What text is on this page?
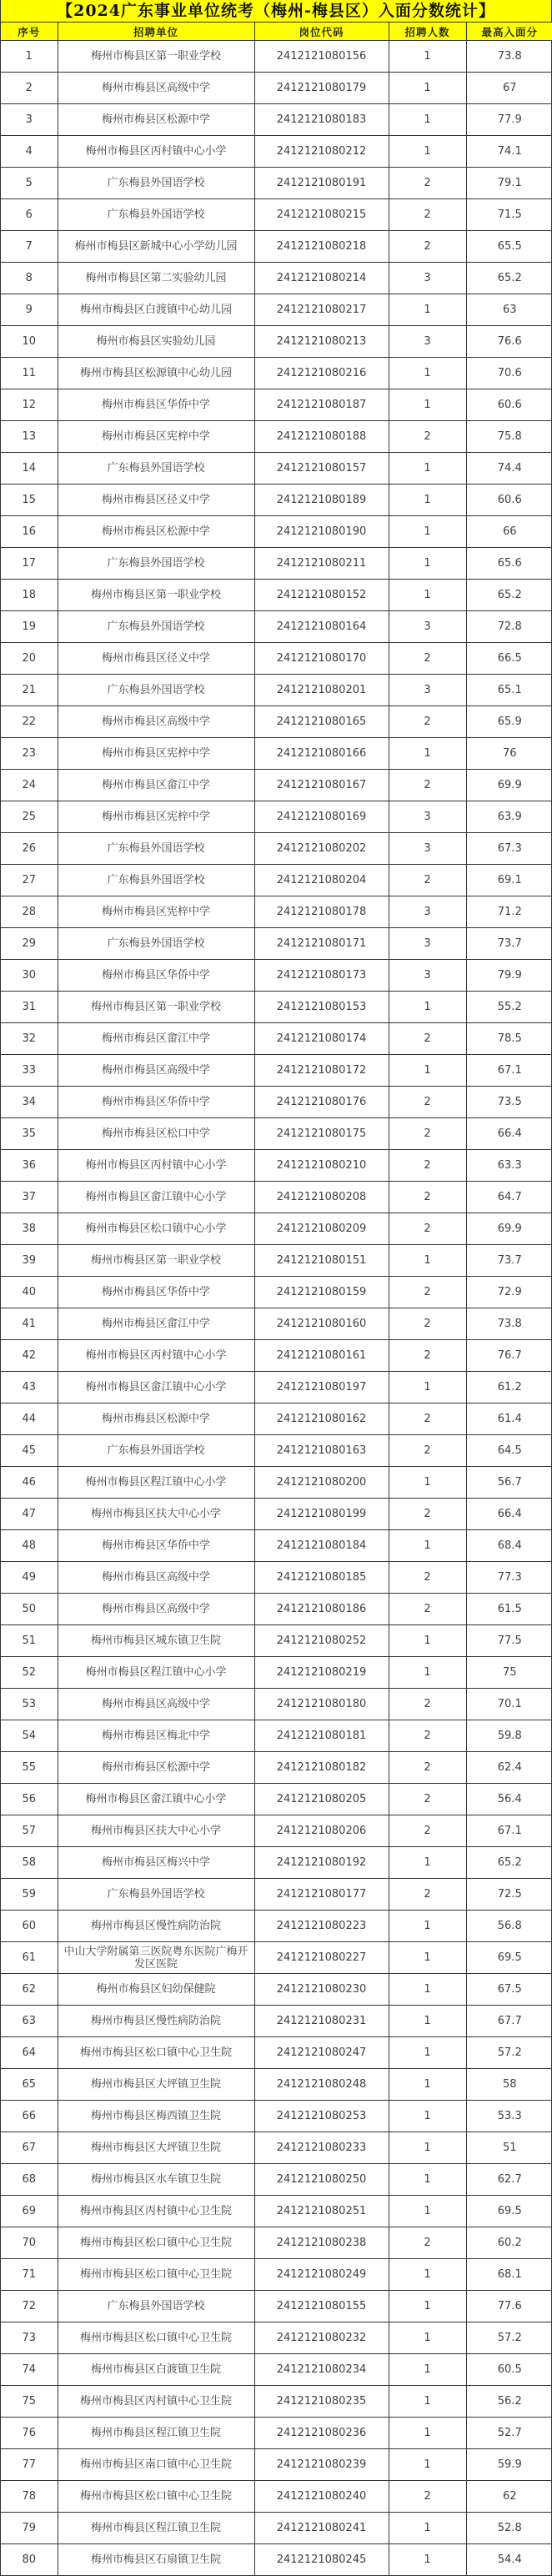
【2024广东事业单位统考（梅州-梅县区）入面分数统计】
序号	招聘单位	岗位代码	招聘人数	最高入面分
1	梅州市梅县区第一职业学校	2412121080156	1	73.8
2	梅州市梅县区高级中学	2412121080179	1	67
3	梅州市梅县区松源中学	2412121080183	1	77.9
4	梅州市梅县区丙村镇中心小学	2412121080212	1	74.1
5	广东梅县外国语学校	2412121080191	2	79.1
6	广东梅县外国语学校	2412121080215	2	71.5
7	梅州市梅县区新城中心小学幼儿园	2412121080218	2	65.5
8	梅州市梅县区第二实验幼儿园	2412121080214	3	65.2
9	梅州市梅县区白渡镇中心幼儿园	2412121080217	1	63
10	梅州市梅县区实验幼儿园	2412121080213	3	76.6
11	梅州市梅县区松源镇中心幼儿园	2412121080216	1	70.6
12	梅州市梅县区华侨中学	2412121080187	1	60.6
13	梅州市梅县区宪梓中学	2412121080188	2	75.8
14	广东梅县外国语学校	2412121080157	1	74.4
15	梅州市梅县区径义中学	2412121080189	1	60.6
16	梅州市梅县区松源中学	2412121080190	1	66
17	广东梅县外国语学校	2412121080211	1	65.6
18	梅州市梅县区第一职业学校	2412121080152	1	65.2
19	广东梅县外国语学校	2412121080164	3	72.8
20	梅州市梅县区径义中学	2412121080170	2	66.5
21	广东梅县外国语学校	2412121080201	3	65.1
22	梅州市梅县区高级中学	2412121080165	2	65.9
23	梅州市梅县区宪梓中学	2412121080166	1	76
24	梅州市梅县区畲江中学	2412121080167	2	69.9
25	梅州市梅县区宪梓中学	2412121080169	3	63.9
26	广东梅县外国语学校	2412121080202	3	67.3
27	广东梅县外国语学校	2412121080204	2	69.1
28	梅州市梅县区宪梓中学	2412121080178	3	71.2
29	广东梅县外国语学校	2412121080171	3	73.7
30	梅州市梅县区华侨中学	2412121080173	3	79.9
31	梅州市梅县区第一职业学校	2412121080153	1	55.2
32	梅州市梅县区畲江中学	2412121080174	2	78.5
33	梅州市梅县区高级中学	2412121080172	1	67.1
34	梅州市梅县区华侨中学	2412121080176	2	73.5
35	梅州市梅县区松口中学	2412121080175	2	66.4
36	梅州市梅县区丙村镇中心小学	2412121080210	2	63.3
37	梅州市梅县区畲江镇中心小学	2412121080208	2	64.7
38	梅州市梅县区松口镇中心小学	2412121080209	2	69.9
39	梅州市梅县区第一职业学校	2412121080151	1	73.7
40	梅州市梅县区华侨中学	2412121080159	2	72.9
41	梅州市梅县区畲江中学	2412121080160	2	73.8
42	梅州市梅县区丙村镇中心小学	2412121080161	2	76.7
43	梅州市梅县区畲江镇中心小学	2412121080197	1	61.2
44	梅州市梅县区松源中学	2412121080162	2	61.4
45	广东梅县外国语学校	2412121080163	2	64.5
46	梅州市梅县区程江镇中心小学	2412121080200	1	56.7
47	梅州市梅县区扶大中心小学	2412121080199	2	66.4
48	梅州市梅县区华侨中学	2412121080184	1	68.4
49	梅州市梅县区高级中学	2412121080185	2	77.3
50	梅州市梅县区高级中学	2412121080186	2	61.5
51	梅州市梅县区城东镇卫生院	2412121080252	1	77.5
52	梅州市梅县区程江镇中心小学	2412121080219	1	75
53	梅州市梅县区高级中学	2412121080180	2	70.1
54	梅州市梅县区梅北中学	2412121080181	2	59.8
55	梅州市梅县区松源中学	2412121080182	2	62.4
56	梅州市梅县区畲江镇中心小学	2412121080205	2	56.4
57	梅州市梅县区扶大中心小学	2412121080206	2	67.1
58	梅州市梅县区梅兴中学	2412121080192	1	65.2
59	广东梅县外国语学校	2412121080177	2	72.5
60	梅州市梅县区慢性病防治院	2412121080223	1	56.8
61	中山大学附属第三医院粤东医院广梅开发区医院	2412121080227	1	69.5
62	梅州市梅县区妇幼保健院	2412121080230	1	67.5
63	梅州市梅县区慢性病防治院	2412121080231	1	67.7
64	梅州市梅县区松口镇中心卫生院	2412121080247	1	57.2
65	梅州市梅县区大坪镇卫生院	2412121080248	1	58
66	梅州市梅县区梅西镇卫生院	2412121080253	1	53.3
67	梅州市梅县区大坪镇卫生院	2412121080233	1	51
68	梅州市梅县区水车镇卫生院	2412121080250	1	62.7
69	梅州市梅县区丙村镇中心卫生院	2412121080251	1	69.5
70	梅州市梅县区松口镇中心卫生院	2412121080238	2	60.2
71	梅州市梅县区松口镇中心卫生院	2412121080249	1	68.1
72	广东梅县外国语学校	2412121080155	1	77.6
73	梅州市梅县区松口镇中心卫生院	2412121080232	1	57.2
74	梅州市梅县区白渡镇卫生院	2412121080234	1	60.5
75	梅州市梅县区丙村镇中心卫生院	2412121080235	1	56.2
76	梅州市梅县区程江镇卫生院	2412121080236	1	52.7
77	梅州市梅县区南口镇中心卫生院	2412121080239	1	59.9
78	梅州市梅县区松口镇中心卫生院	2412121080240	2	62
79	梅州市梅县区程江镇卫生院	2412121080241	1	52.8
80	梅州市梅县区石扇镇卫生院	2412121080245	1	54.4
